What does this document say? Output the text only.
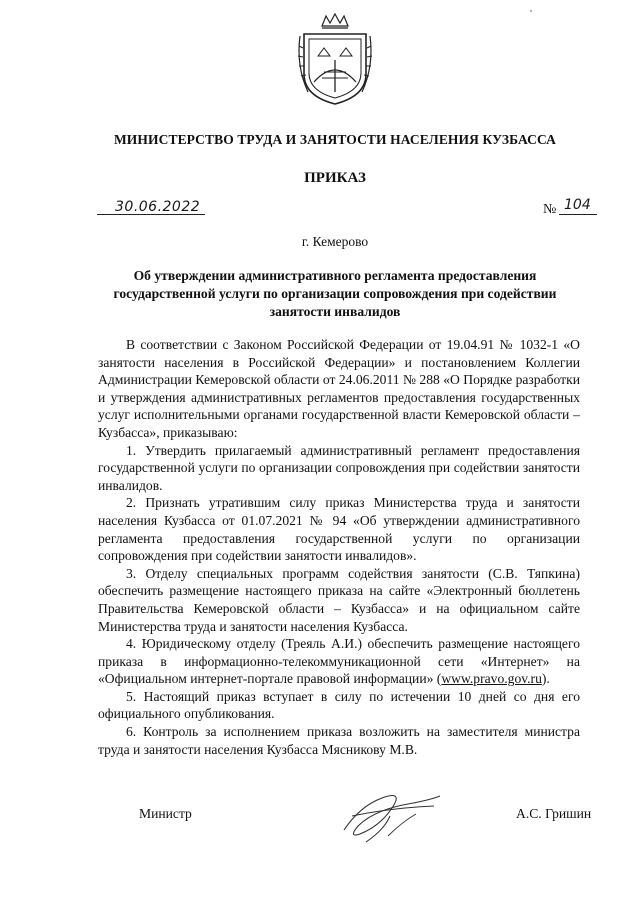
МИНИСТЕРСТВО ТРУДА И ЗАНЯТОСТИ НАСЕЛЕНИЯ КУЗБАССА
ПРИКАЗ
30.06.2022	№ 104
г. Кемерово
Об утверждении административного регламента предоставления
государственной услуги по организации сопровождения при содействии
занятости инвалидов

В соответствии с Законом Российской Федерации от 19.04.91 № 1032-1 «О занятости населения в Российской Федерации» и постановлением Коллегии Администрации Кемеровской области от 24.06.2011 № 288 «О Порядке разработки и утверждения административных регламентов предоставления государственных услуг исполнительными органами государственной власти Кемеровской области – Кузбасса», приказываю:

1. Утвердить прилагаемый административный регламент предоставления государственной услуги по организации сопровождения при содействии занятости инвалидов.

2. Признать утратившим силу приказ Министерства труда и занятости населения Кузбасса от 01.07.2021 № 94 «Об утверждении административного регламента предоставления государственной услуги по организации сопровождения при содействии занятости инвалидов».

3. Отделу специальных программ содействия занятости (С.В. Тяпкина) обеспечить размещение настоящего приказа на сайте «Электронный бюллетень Правительства Кемеровской области – Кузбасса» и на официальном сайте Министерства труда и занятости населения Кузбасса.

4. Юридическому отделу (Треяль А.И.) обеспечить размещение настоящего приказа в информационно-телекоммуникационной сети «Интернет» на «Официальном интернет-портале правовой информации» (www.pravo.gov.ru).

5. Настоящий приказ вступает в силу по истечении 10 дней со дня его официального опубликования.

6. Контроль за исполнением приказа возложить на заместителя министра труда и занятости населения Кузбасса Мясникову М.В.

Министр	А.С. Гришин
